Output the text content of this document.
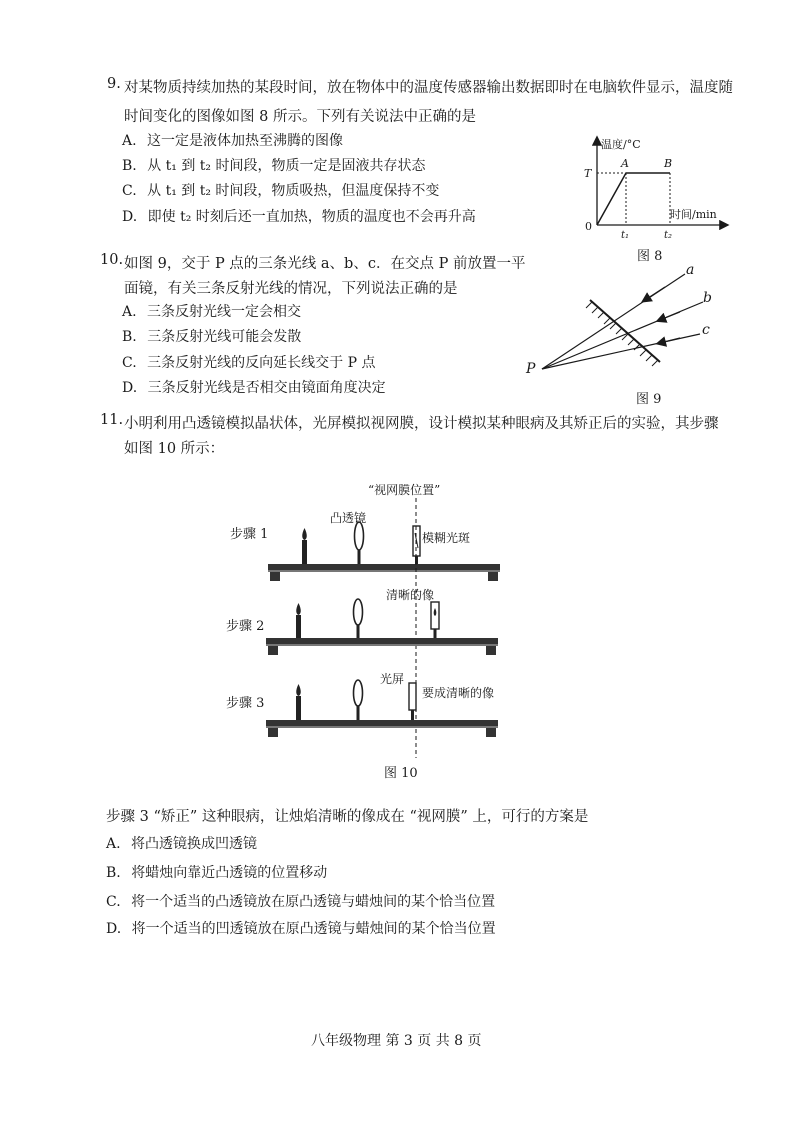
9. 对某物质持续加热的某段时间，放在物体中的温度传感器输出数据即时在电脑软件显示，温度随
时间变化的图像如图 8 所示。下列有关说法中正确的是
A. 这一定是液体加热至沸腾的图像
B. 从 t₁ 到 t₂ 时间段，物质一定是固液共存状态
C. 从 t₁ 到 t₂ 时间段，物质吸热，但温度保持不变
D. 即使 t₂ 时刻后还一直加热，物质的温度也不会再升高
温度/°C
时间/min
0
T
A	B
t₁	t₂
图 8
10. 如图 9，交于 P 点的三条光线 a、b、c．在交点 P 前放置一平
面镜，有关三条反射光线的情况，下列说法正确的是
A. 三条反射光线一定会相交
B. 三条反射光线可能会发散
C. 三条反射光线的反向延长线交于 P 点
D. 三条反射光线是否相交由镜面角度决定
a
b
c
P
图 9
11. 小明利用凸透镜模拟晶状体，光屏模拟视网膜，设计模拟某种眼病及其矫正后的实验，其步骤
如图 10 所示：
“视网膜位置”
凸透镜
模糊光斑
步骤 1
清晰的像
步骤 2
光屏
要成清晰的像
步骤 3
图 10
步骤 3 “矫正” 这种眼病，让烛焰清晰的像成在 “视网膜” 上，可行的方案是
A. 将凸透镜换成凹透镜
B. 将蜡烛向靠近凸透镜的位置移动
C. 将一个适当的凸透镜放在原凸透镜与蜡烛间的某个恰当位置
D. 将一个适当的凹透镜放在原凸透镜与蜡烛间的某个恰当位置
八年级物理 第 3 页 共 8 页
